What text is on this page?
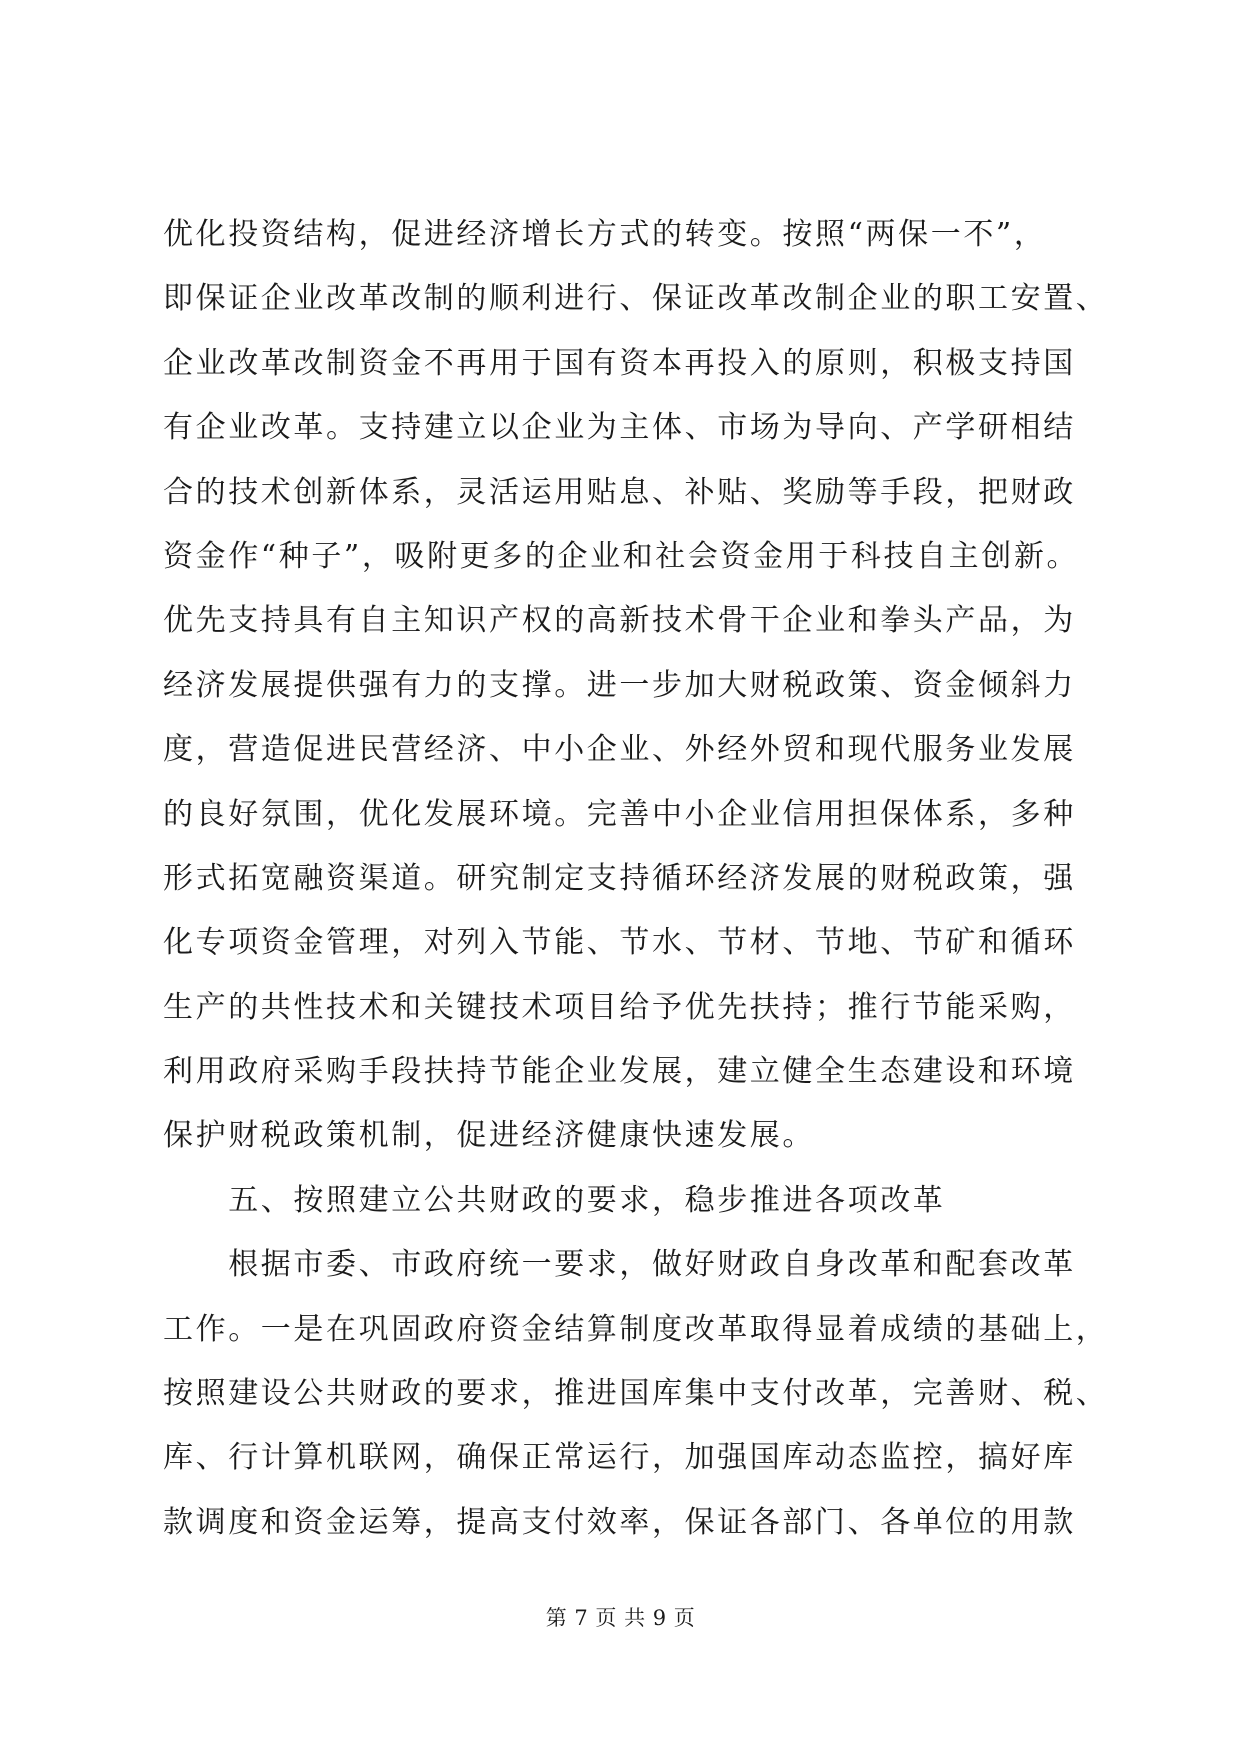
优化投资结构，促进经济增长方式的转变。按照“两保一不”，
即保证企业改革改制的顺利进行、保证改革改制企业的职工安置、
企业改革改制资金不再用于国有资本再投入的原则，积极支持国
有企业改革。支持建立以企业为主体、市场为导向、产学研相结
合的技术创新体系，灵活运用贴息、补贴、奖励等手段，把财政
资金作“种子”，吸附更多的企业和社会资金用于科技自主创新。
优先支持具有自主知识产权的高新技术骨干企业和拳头产品，为
经济发展提供强有力的支撑。进一步加大财税政策、资金倾斜力
度，营造促进民营经济、中小企业、外经外贸和现代服务业发展
的良好氛围，优化发展环境。完善中小企业信用担保体系，多种
形式拓宽融资渠道。研究制定支持循环经济发展的财税政策，强
化专项资金管理，对列入节能、节水、节材、节地、节矿和循环
生产的共性技术和关键技术项目给予优先扶持；推行节能采购，
利用政府采购手段扶持节能企业发展，建立健全生态建设和环境
保护财税政策机制，促进经济健康快速发展。
　　五、按照建立公共财政的要求，稳步推进各项改革
　　根据市委、市政府统一要求，做好财政自身改革和配套改革
工作。一是在巩固政府资金结算制度改革取得显着成绩的基础上，
按照建设公共财政的要求，推进国库集中支付改革，完善财、税、
库、行计算机联网，确保正常运行，加强国库动态监控，搞好库
款调度和资金运筹，提高支付效率，保证各部门、各单位的用款
第 7 页 共 9 页
